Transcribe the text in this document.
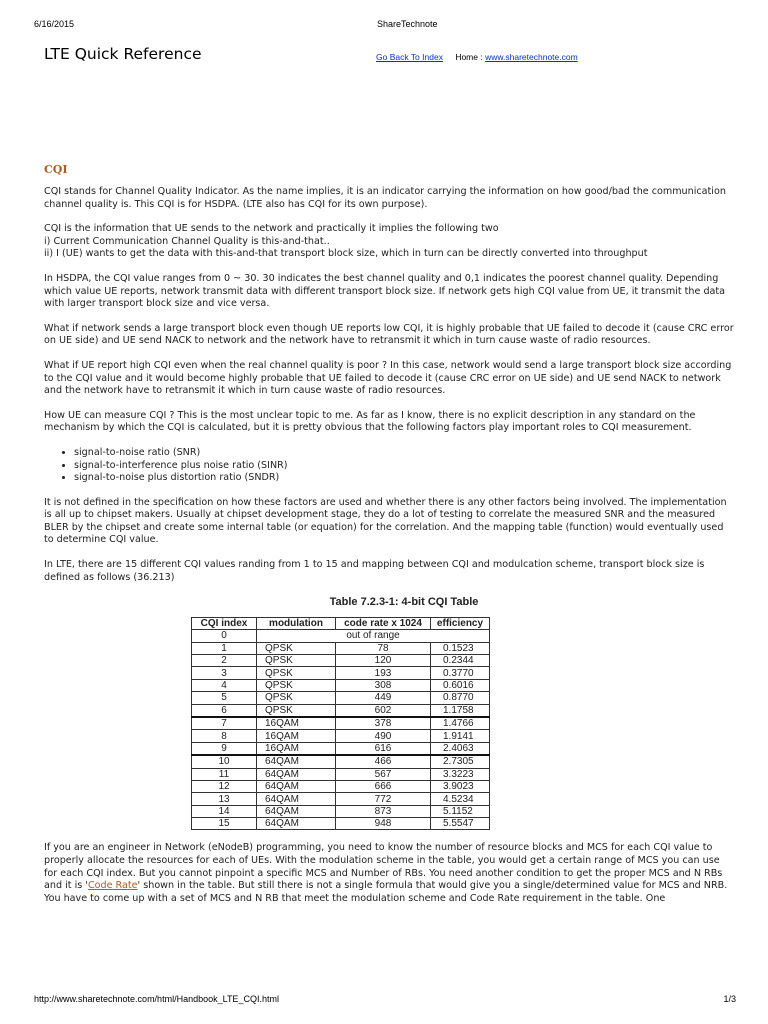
6/16/2015	ShareTechnote
LTE Quick Reference	Go Back To Index Home : www.sharetechnote.com
CQI

CQI stands for Channel Quality Indicator. As the name implies, it is an indicator carrying the information on how good/bad the communication channel quality is. This CQI is for HSDPA. (LTE also has CQI for its own purpose).

CQI is the information that UE sends to the network and practically it implies the following two
i) Current Communication Channel Quality is this-and-that..
ii) I (UE) wants to get the data with this-and-that transport block size, which in turn can be directly converted into throughput

In HSDPA, the CQI value ranges from 0 ~ 30. 30 indicates the best channel quality and 0,1 indicates the poorest channel quality. Depending which value UE reports, network transmit data with different transport block size. If network gets high CQI value from UE, it transmit the data with larger transport block size and vice versa.

What if network sends a large transport block even though UE reports low CQI, it is highly probable that UE failed to decode it (cause CRC error on UE side) and UE send NACK to network and the network have to retransmit it which in turn cause waste of radio resources.

What if UE report high CQI even when the real channel quality is poor ? In this case, network would send a large transport block size according to the CQI value and it would become highly probable that UE failed to decode it (cause CRC error on UE side) and UE send NACK to network and the network have to retransmit it which in turn cause waste of radio resources.

How UE can measure CQI ? This is the most unclear topic to me. As far as I know, there is no explicit description in any standard on the mechanism by which the CQI is calculated, but it is pretty obvious that the following factors play important roles to CQI measurement.

• signal-to-noise ratio (SNR)
• signal-to-interference plus noise ratio (SINR)
• signal-to-noise plus distortion ratio (SNDR)

It is not defined in the specification on how these factors are used and whether there is any other factors being involved. The implementation is all up to chipset makers. Usually at chipset development stage, they do a lot of testing to correlate the measured SNR and the measured BLER by the chipset and create some internal table (or equation) for the correlation. And the mapping table (function) would eventually used to determine CQI value.

In LTE, there are 15 different CQI values randing from 1 to 15 and mapping between CQI and modulcation scheme, transport block size is defined as follows (36.213)

Table 7.2.3-1: 4-bit CQI Table
CQI index	modulation	code rate x 1024	efficiency
0	out of range		
1	QPSK	78	0.1523
2	QPSK	120	0.2344
3	QPSK	193	0.3770
4	QPSK	308	0.6016
5	QPSK	449	0.8770
6	QPSK	602	1.1758
7	16QAM	378	1.4766
8	16QAM	490	1.9141
9	16QAM	616	2.4063
10	64QAM	466	2.7305
11	64QAM	567	3.3223
12	64QAM	666	3.9023
13	64QAM	772	4.5234
14	64QAM	873	5.1152
15	64QAM	948	5.5547

If you are an engineer in Network (eNodeB) programming, you need to know the number of resource blocks and MCS for each CQI value to properly allocate the resources for each of UEs. With the modulation scheme in the table, you would get a certain range of MCS you can use for each CQI index. But you cannot pinpoint a specific MCS and Number of RBs. You need another condition to get the proper MCS and N RBs and it is 'Code Rate' shown in the table. But still there is not a single formula that would give you a single/determined value for MCS and NRB. You have to come up with a set of MCS and N RB that meet the modulation scheme and Code Rate requirement in the table. One

http://www.sharetechnote.com/html/Handbook_LTE_CQI.html	1/3
